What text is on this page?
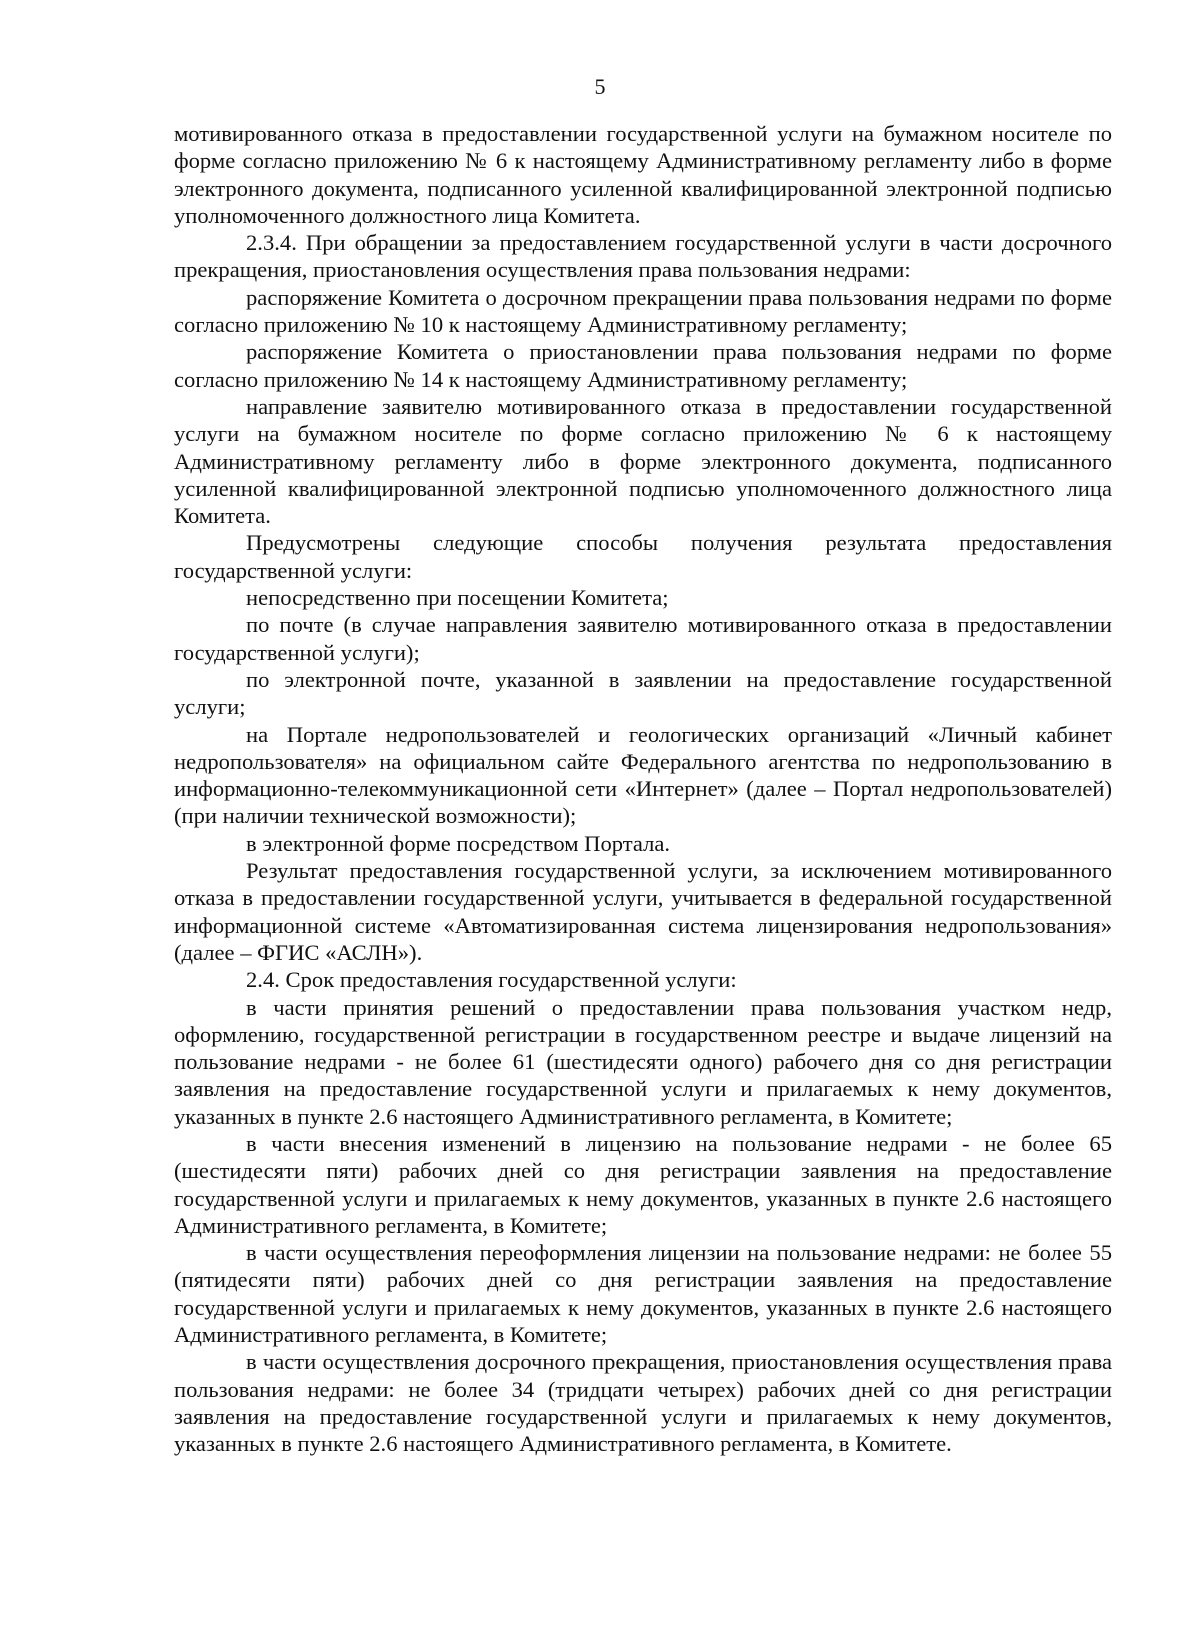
5

мотивированного отказа в предоставлении государственной услуги на бумажном носителе по форме согласно приложению № 6 к настоящему Административному регламенту либо в форме электронного документа, подписанного усиленной квалифицированной электронной подписью уполномоченного должностного лица Комитета.

2.3.4. При обращении за предоставлением государственной услуги в части досрочного прекращения, приостановления осуществления права пользования недрами:

распоряжение Комитета о досрочном прекращении права пользования недрами по форме согласно приложению № 10 к настоящему Административному регламенту;

распоряжение Комитета о приостановлении права пользования недрами по форме согласно приложению № 14 к настоящему Административному регламенту;

направление заявителю мотивированного отказа в предоставлении государственной услуги на бумажном носителе по форме согласно приложению № 6 к настоящему Административному регламенту либо в форме электронного документа, подписанного усиленной квалифицированной электронной подписью уполномоченного должностного лица Комитета.

Предусмотрены следующие способы получения результата предоставления государственной услуги:

непосредственно при посещении Комитета;

по почте (в случае направления заявителю мотивированного отказа в предоставлении государственной услуги);

по электронной почте, указанной в заявлении на предоставление государственной услуги;

на Портале недропользователей и геологических организаций «Личный кабинет недропользователя» на официальном сайте Федерального агентства по недропользованию в информационно-телекоммуникационной сети «Интернет» (далее – Портал недропользователей) (при наличии технической возможности);

в электронной форме посредством Портала.

Результат предоставления государственной услуги, за исключением мотивированного отказа в предоставлении государственной услуги, учитывается в федеральной государственной информационной системе «Автоматизированная система лицензирования недропользования» (далее – ФГИС «АСЛН»).

2.4. Срок предоставления государственной услуги:

в части принятия решений о предоставлении права пользования участком недр, оформлению, государственной регистрации в государственном реестре и выдаче лицензий на пользование недрами - не более 61 (шестидесяти одного) рабочего дня со дня регистрации заявления на предоставление государственной услуги и прилагаемых к нему документов, указанных в пункте 2.6 настоящего Административного регламента, в Комитете;

в части внесения изменений в лицензию на пользование недрами - не более 65 (шестидесяти пяти) рабочих дней со дня регистрации заявления на предоставление государственной услуги и прилагаемых к нему документов, указанных в пункте 2.6 настоящего Административного регламента, в Комитете;

в части осуществления переоформления лицензии на пользование недрами: не более 55 (пятидесяти пяти) рабочих дней со дня регистрации заявления на предоставление государственной услуги и прилагаемых к нему документов, указанных в пункте 2.6 настоящего Административного регламента, в Комитете;

в части осуществления досрочного прекращения, приостановления осуществления права пользования недрами: не более 34 (тридцати четырех) рабочих дней со дня регистрации заявления на предоставление государственной услуги и прилагаемых к нему документов, указанных в пункте 2.6 настоящего Административного регламента, в Комитете.
